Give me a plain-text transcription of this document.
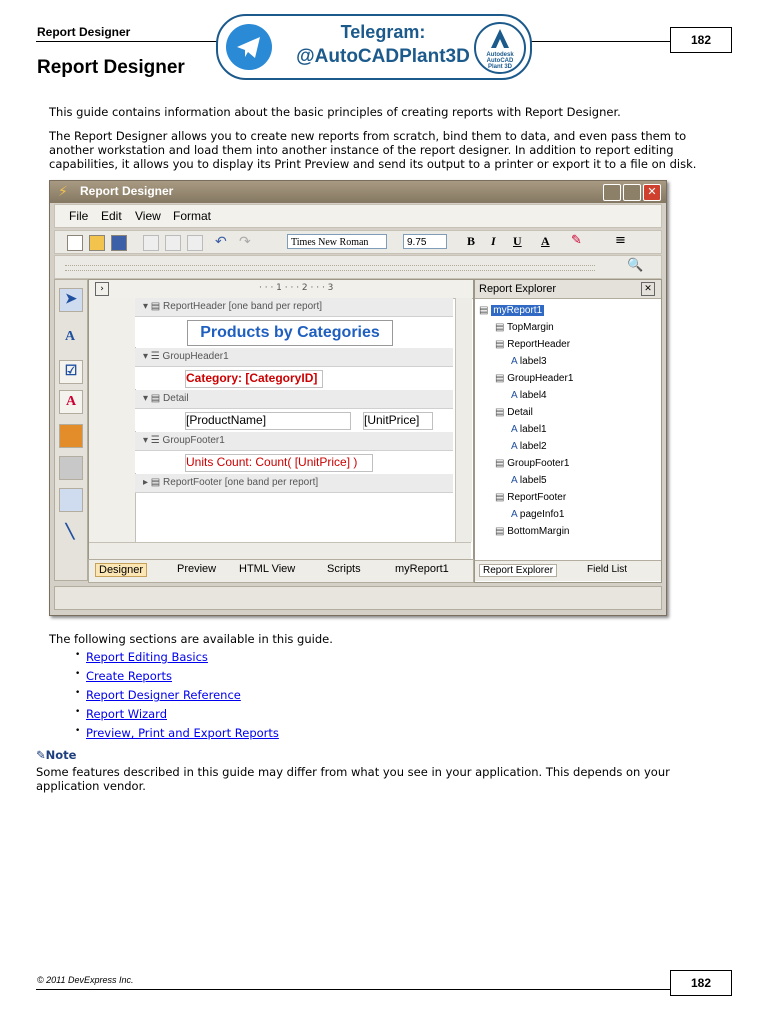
Report Designer
182
Report Designer
Telegram:
@AutoCADPlant3D	Autodesk AutoCAD
Plant 3D
This guide contains information about the basic principles of creating reports with Report Designer.
The Report Designer allows you to create new reports from scratch, bind them to data, and even pass them to another workstation and load them into another instance of the report designer. In addition to report editing capabilities, it allows you to display its Print Preview and send its output to a printer or export it to a file on disk.
⚡ Report Designer	✕
File Edit View Format
↶ ↷	Times New Roman	9.75	B I U A ✎	≡
🔍
➤
A
☑
A
╲
›	· · · 1 · · · 2 · · · 3
▾ ▤ ReportHeader [one band per report]
Products by Categories
▾ ☰ GroupHeader1
Category: [CategoryID]
▾ ▤ Detail
[ProductName]	[UnitPrice]
▾ ☰ GroupFooter1
Units Count: Count( [UnitPrice] )
▸ ▤ ReportFooter [one band per report]
Designer	Preview HTML View	Scripts	myReport1
Report Explorer	✕
▤ myReport1
▤ TopMargin
▤ ReportHeader
A label3
▤ GroupHeader1
A label4
▤ Detail
A label1
A label2
▤ GroupFooter1
A label5
▤ ReportFooter
A pageInfo1
▤ BottomMargin
Report Explorer	Field List
The following sections are available in this guide.
• Report Editing Basics
• Create Reports
• Report Designer Reference
• Report Wizard
• Preview, Print and Export Reports
✎Note
Some features described in this guide may differ from what you see in your application. This depends on your application vendor.
© 2011 DevExpress Inc.	182
